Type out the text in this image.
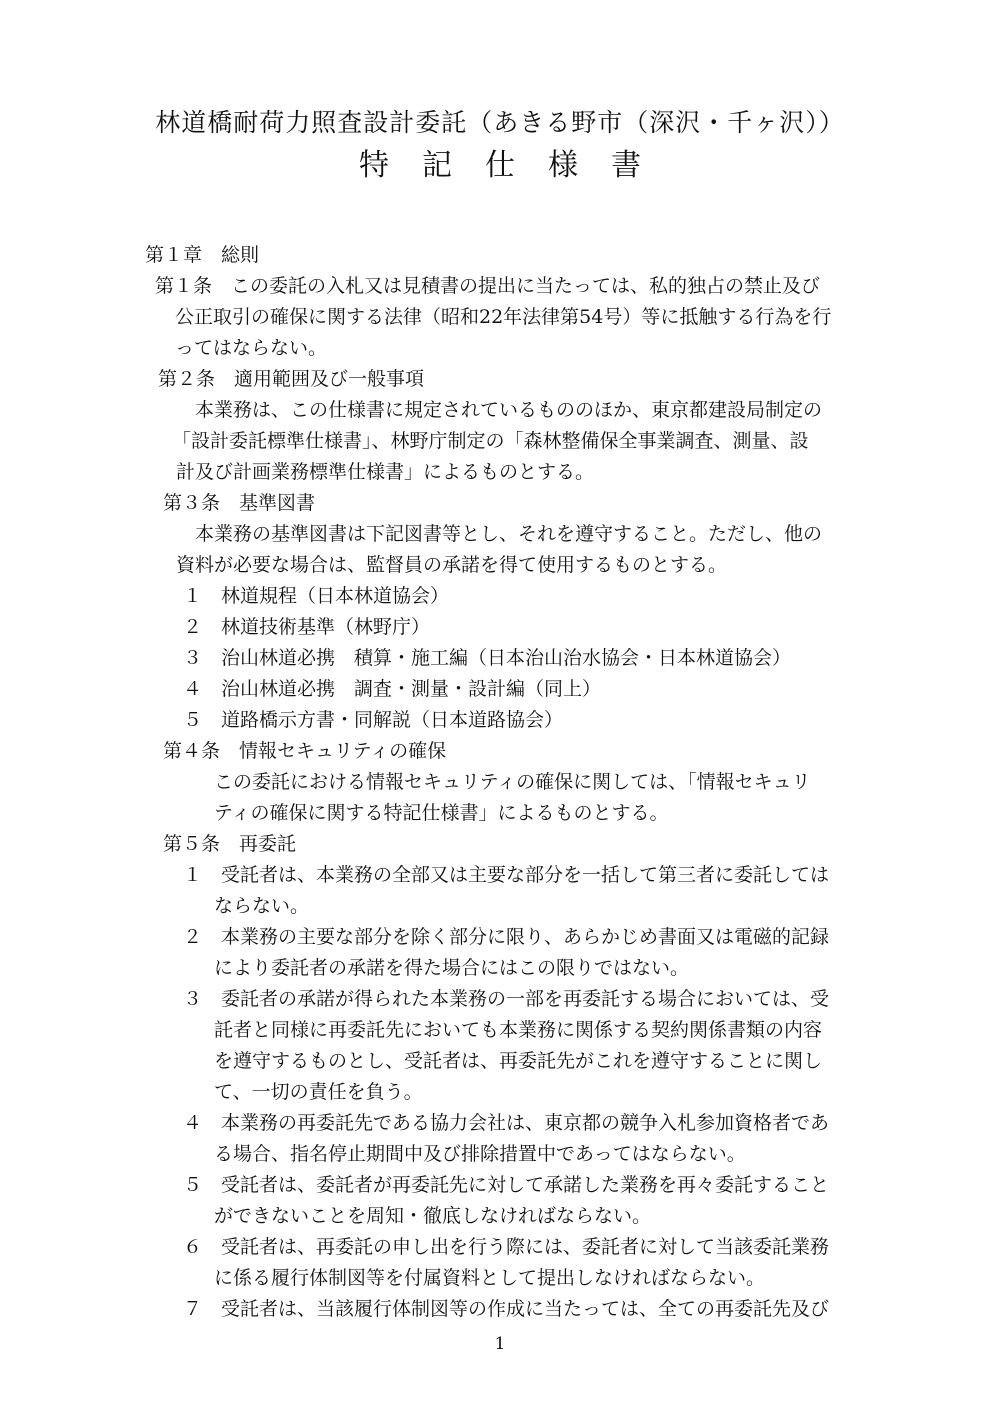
林道橋耐荷力照査設計委託（あきる野市（深沢・千ヶ沢））
特記仕様書
第１章　総則
第１条　この委託の入札又は見積書の提出に当たっては、私的独占の禁止及び
公正取引の確保に関する法律（昭和22年法律第54号）等に抵触する行為を行
ってはならない。
第２条　適用範囲及び一般事項
本業務は、この仕様書に規定されているもののほか、東京都建設局制定の
「設計委託標準仕様書」、林野庁制定の「森林整備保全事業調査、測量、設
計及び計画業務標準仕様書」によるものとする。
第３条　基準図書
本業務の基準図書は下記図書等とし、それを遵守すること。ただし、他の
資料が必要な場合は、監督員の承諾を得て使用するものとする。
１　林道規程（日本林道協会）
２　林道技術基準（林野庁）
３　治山林道必携　積算・施工編（日本治山治水協会・日本林道協会）
４　治山林道必携　調査・測量・設計編（同上）
５　道路橋示方書・同解説（日本道路協会）
第４条　情報セキュリティの確保
この委託における情報セキュリティの確保に関しては、「情報セキュリ
ティの確保に関する特記仕様書」によるものとする。
第５条　再委託
１　受託者は、本業務の全部又は主要な部分を一括して第三者に委託しては
ならない。
２　本業務の主要な部分を除く部分に限り、あらかじめ書面又は電磁的記録
により委託者の承諾を得た場合にはこの限りではない。
３　委託者の承諾が得られた本業務の一部を再委託する場合においては、受
託者と同様に再委託先においても本業務に関係する契約関係書類の内容
を遵守するものとし、受託者は、再委託先がこれを遵守することに関し
て、一切の責任を負う。
４　本業務の再委託先である協力会社は、東京都の競争入札参加資格者であ
る場合、指名停止期間中及び排除措置中であってはならない。
５　受託者は、委託者が再委託先に対して承諾した業務を再々委託すること
ができないことを周知・徹底しなければならない。
６　受託者は、再委託の申し出を行う際には、委託者に対して当該委託業務
に係る履行体制図等を付属資料として提出しなければならない。
７　受託者は、当該履行体制図等の作成に当たっては、全ての再委託先及び
1
